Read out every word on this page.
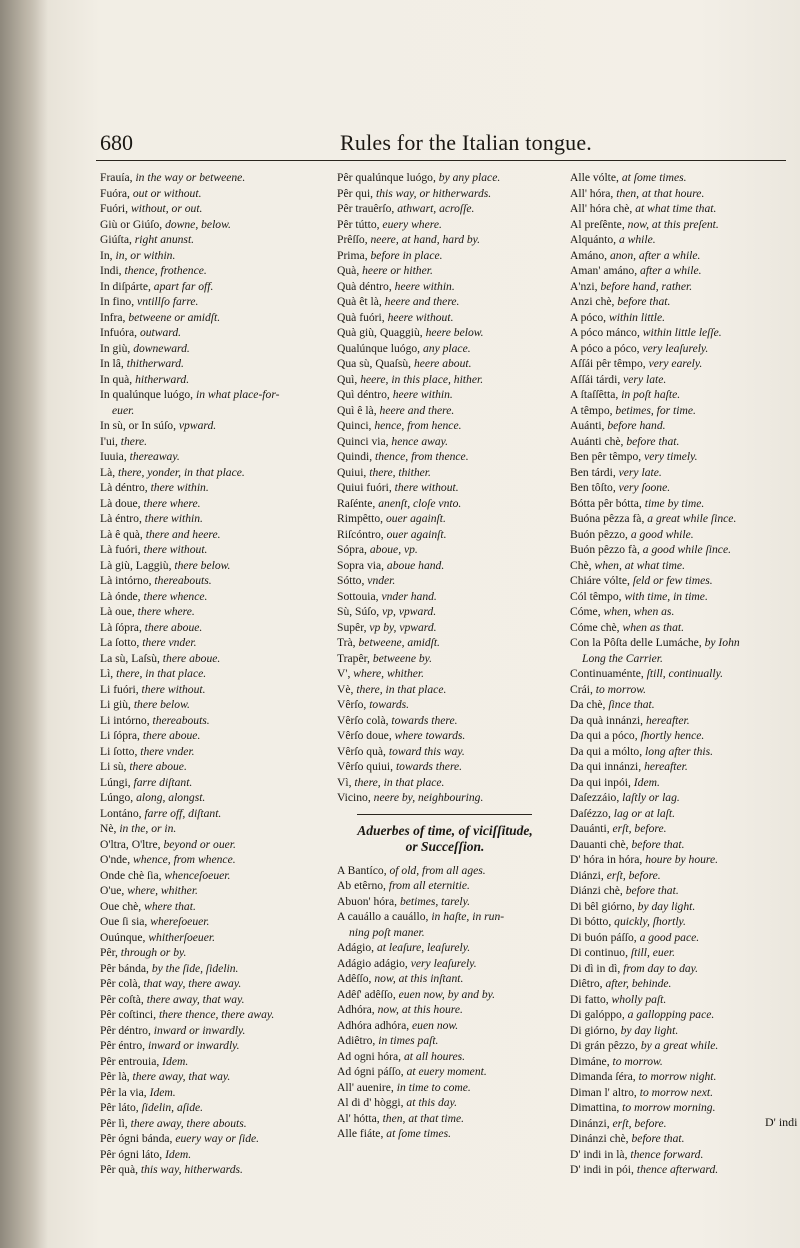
680	Rules for the Italian tongue.
Frauía, in the way or betweene.
Fuóra, out or without.
Fuóri, without, or out.
Giù or Giúſo, downe, below.
Giúſta, right anunst.
In, in, or within.
Indi, thence, frothence.
In diſpárte, apart far off.
In fino, vntillſo farre.
Infra, betweene or amidſt.
Infuóra, outward.
In giù, downeward.
In lâ, thitherward.
In quà, hitherward.
In qualúnque luógo, in what place-for-
euer.
In sù, or In súſo, vpward.
I'ui, there.
Iuuia, thereaway.
Là, there, yonder, in that place.
Là déntro, there within.
Là doue, there where.
Là éntro, there within.
Là ê quà, there and heere.
Là fuóri, there without.
Là giù, Laggiù, there below.
Là intórno, thereabouts.
Là ónde, there whence.
Là oue, there where.
Là ſópra, there aboue.
La ſotto, there vnder.
La sù, Laſsù, there aboue.
Lì, there, in that place.
Li fuóri, there without.
Li giù, there below.
Li intórno, thereabouts.
Li ſópra, there aboue.
Li ſotto, there vnder.
Li sù, there aboue.
Lúngi, farre diſtant.
Lúngo, along, alongst.
Lontáno, farre off, diſtant.
Nè, in the, or in.
O'ltra, O'ltre, beyond or ouer.
O'nde, whence, from whence.
Onde chè ſia, whenceſoeuer.
O'ue, where, whither.
Oue chè, where that.
Oue ſi sia, whereſoeuer.
Ouúnque, whitherſoeuer.
Pêr, through or by.
Pêr bánda, by the ſide, ſidelin.
Pêr colà, that way, there away.
Pêr coſtà, there away, that way.
Pêr coſtinci, there thence, there away.
Pêr déntro, inward or inwardly.
Pêr éntro, inward or inwardly.
Pêr entrouia, Idem.
Pêr là, there away, that way.
Pêr la via, Idem.
Pêr láto, ſidelin, aſide.
Pêr lì, there away, there abouts.
Pêr ógni bánda, euery way or ſide.
Pêr ógni láto, Idem.
Pêr quà, this way, hitherwards.
Pêr qualúnque luógo, by any place.
Pêr qui, this way, or hitherwards.
Pêr trauêrſo, athwart, acroſſe.
Pêr tútto, euery where.
Prêſſo, neere, at hand, hard by.
Prima, before in place.
Quà, heere or hither.
Quà déntro, heere within.
Quà êt là, heere and there.
Quà fuóri, heere without.
Quà giù, Quaggiù, heere below.
Qualúnque luógo, any place.
Qua sù, Quaſsù, heere about.
Quì, heere, in this place, hither.
Quì déntro, heere within.
Quì ê là, heere and there.
Quinci, hence, from hence.
Quinci via, hence away.
Quindi, thence, from thence.
Quiui, there, thither.
Quiui fuóri, there without.
Raſénte, anenſt, cloſe vnto.
Rimpêtto, ouer againſt.
Riſcóntro, ouer againſt.
Sópra, aboue, vp.
Sopra via, aboue hand.
Sótto, vnder.
Sottouia, vnder hand.
Sù, Súſo, vp, vpward.
Supêr, vp by, vpward.
Trà, betweene, amidſt.
Trapêr, betweene by.
V', where, whither.
Vè, there, in that place.
Vêrſo, towards.
Vêrſo colà, towards there.
Vêrſo doue, where towards.
Vêrſo quà, toward this way.
Vêrſo quiui, towards there.
Vì, there, in that place.
Vicino, neere by, neighbouring.
Aduerbes of time, of viciſſitude,
or Succeſſion.
A Bantíco, of old, from all ages.
Ab etêrno, from all eternitie.
Abuon' hóra, betimes, tarely.
A cauállo a cauállo, in haſte, in run-
ning poſt maner.
Adágio, at leaſure, leaſurely.
Adágio adágio, very leaſurely.
Adêſſo, now, at this inſtant.
Adêſ' adêſſo, euen now, by and by.
Adhóra, now, at this houre.
Adhóra adhóra, euen now.
Adiêtro, in times paſt.
Ad ogni hóra, at all houres.
Ad ógni páſſo, at euery moment.
All' auenire, in time to come.
Al di d' hòggi, at this day.
Al' hótta, then, at that time.
Alle fiáte, at ſome times.
Alle vólte, at ſome times.
All' hóra, then, at that houre.
All' hóra chè, at what time that.
Al preſênte, now, at this preſent.
Alquánto, a while.
Amáno, anon, after a while.
Aman' amáno, after a while.
A'nzi, before hand, rather.
Anzi chè, before that.
A póco, within little.
A póco mánco, within little leſſe.
A póco a póco, very leaſurely.
Aſſái pêr têmpo, very earely.
Aſſái tárdi, very late.
A ſtaſſêtta, in poſt haſte.
A têmpo, betimes, for time.
Auánti, before hand.
Auánti chè, before that.
Ben pêr têmpo, very timely.
Ben tárdi, very late.
Ben tôſto, very ſoone.
Bótta pêr bótta, time by time.
Buóna pêzza fà, a great while ſince.
Buón pêzzo, a good while.
Buón pêzzo fà, a good while ſince.
Chè, when, at what time.
Chiáre vólte, ſeld or few times.
Cól têmpo, with time, in time.
Cóme, when, when as.
Cóme chè, when as that.
Con la Pôſta delle Lumáche, by Iohn
Long the Carrier.
Continuaménte, ſtill, continually.
Crái, to morrow.
Da chè, ſince that.
Da quà innánzi, hereafter.
Da qui a póco, ſhortly hence.
Da qui a mólto, long after this.
Da qui innánzi, hereafter.
Da qui inpói, Idem.
Daſezzáio, laſtly or lag.
Daſézzo, lag or at laſt.
Dauánti, erſt, before.
Dauanti chè, before that.
D' hóra in hóra, houre by houre.
Diánzi, erſt, before.
Diánzi chè, before that.
Di bêl giórno, by day light.
Di bótto, quickly, ſhortly.
Di buón páſſo, a good pace.
Di continuo, ſtill, euer.
Di dì in dì, from day to day.
Diêtro, after, behinde.
Di fatto, wholly paſt.
Di galóppo, a gallopping pace.
Di giórno, by day light.
Di grán pêzzo, by a great while.
Dimáne, to morrow.
Dimanda ſéra, to morrow night.
Diman l' altro, to morrow next.
Dimattina, to morrow morning.
Dinánzi, erſt, before.
Dinánzi chè, before that.
D' indi in là, thence forward.
D' indi in pói, thence afterward.
D' indi
